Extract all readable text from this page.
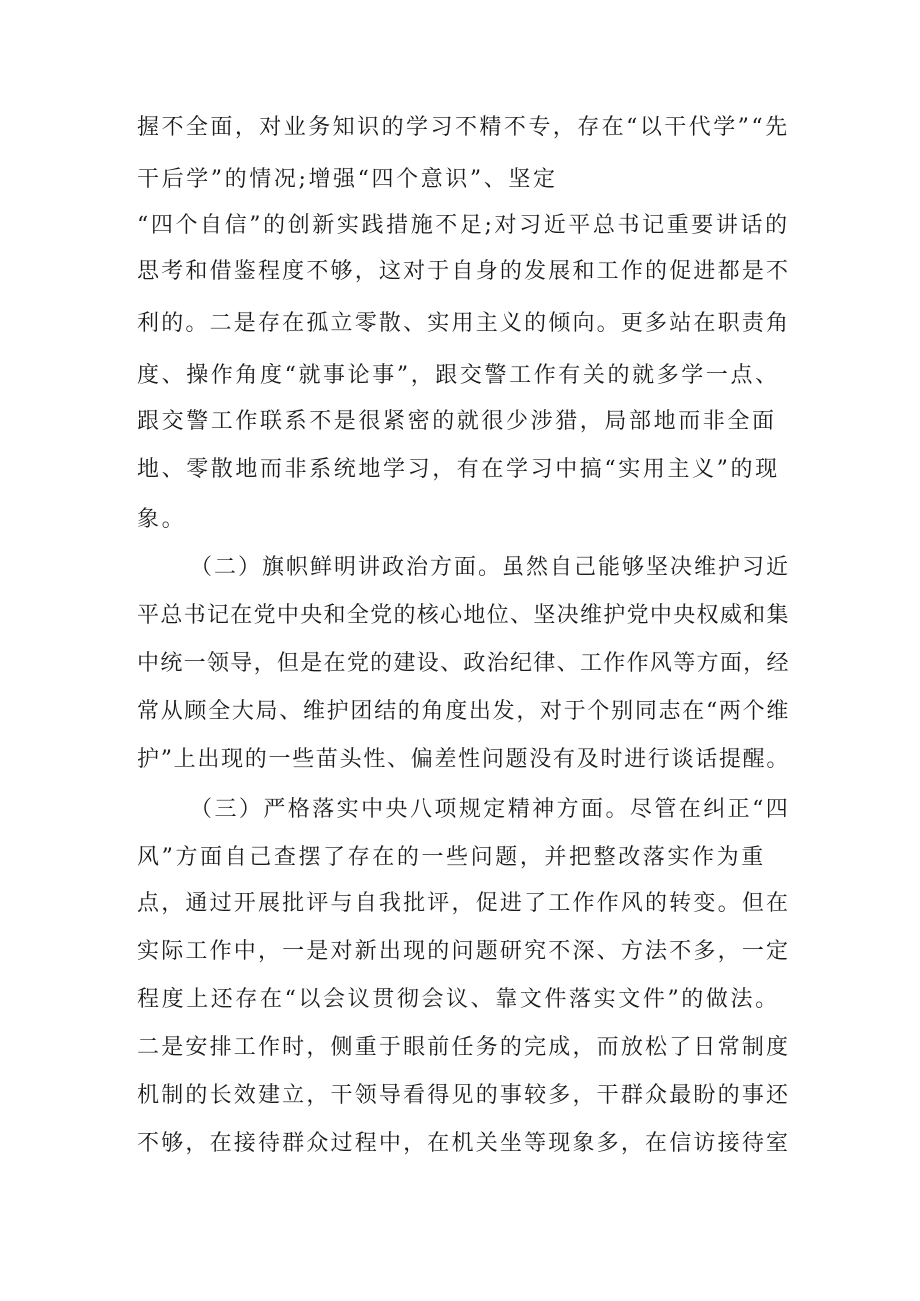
握不全面，对业务知识的学习不精不专，存在“以干代学”“先
干后学”的情况;增强“四个意识”、坚定
“四个自信”的创新实践措施不足;对习近平总书记重要讲话的
思考和借鉴程度不够，这对于自身的发展和工作的促进都是不
利的。二是存在孤立零散、实用主义的倾向。更多站在职责角
度、操作角度“就事论事”，跟交警工作有关的就多学一点、
跟交警工作联系不是很紧密的就很少涉猎，局部地而非全面
地、零散地而非系统地学习，有在学习中搞“实用主义”的现
象。
（二）旗帜鲜明讲政治方面。虽然自己能够坚决维护习近
平总书记在党中央和全党的核心地位、坚决维护党中央权威和集
中统一领导，但是在党的建设、政治纪律、工作作风等方面，经
常从顾全大局、维护团结的角度出发，对于个别同志在“两个维
护”上出现的一些苗头性、偏差性问题没有及时进行谈话提醒。
（三）严格落实中央八项规定精神方面。尽管在纠正“四
风”方面自己查摆了存在的一些问题，并把整改落实作为重
点，通过开展批评与自我批评，促进了工作作风的转变。但在
实际工作中，一是对新出现的问题研究不深、方法不多，一定
程度上还存在“以会议贯彻会议、靠文件落实文件”的做法。
二是安排工作时，侧重于眼前任务的完成，而放松了日常制度
机制的长效建立，干领导看得见的事较多，干群众最盼的事还
不够，在接待群众过程中，在机关坐等现象多，在信访接待室
